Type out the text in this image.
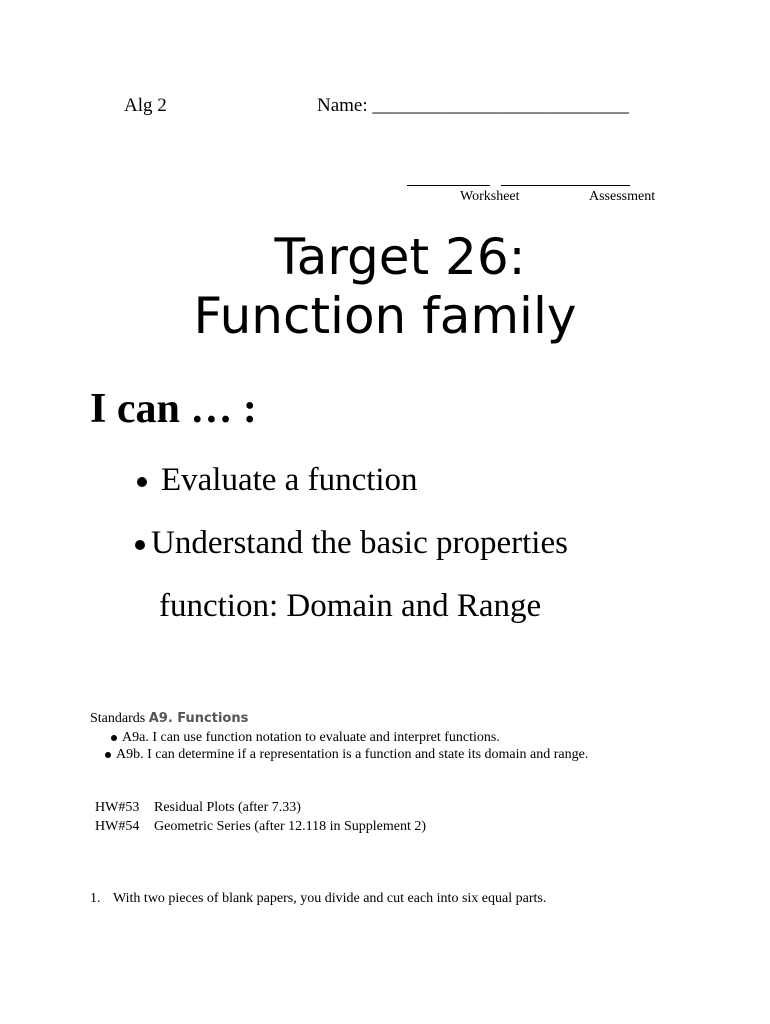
Alg 2	Name: ___________________________
Worksheet	Assessment
Target 26:
Function family
I can … :
Evaluate a function
Understand the basic properties
function: Domain and Range
Standards A9. Functions
A9a. I can use function notation to evaluate and interpret functions.
A9b. I can determine if a representation is a function and state its domain and range.
HW#53 Residual Plots (after 7.33)
HW#54 Geometric Series (after 12.118 in Supplement 2)
1. With two pieces of blank papers, you divide and cut each into six equal parts.
